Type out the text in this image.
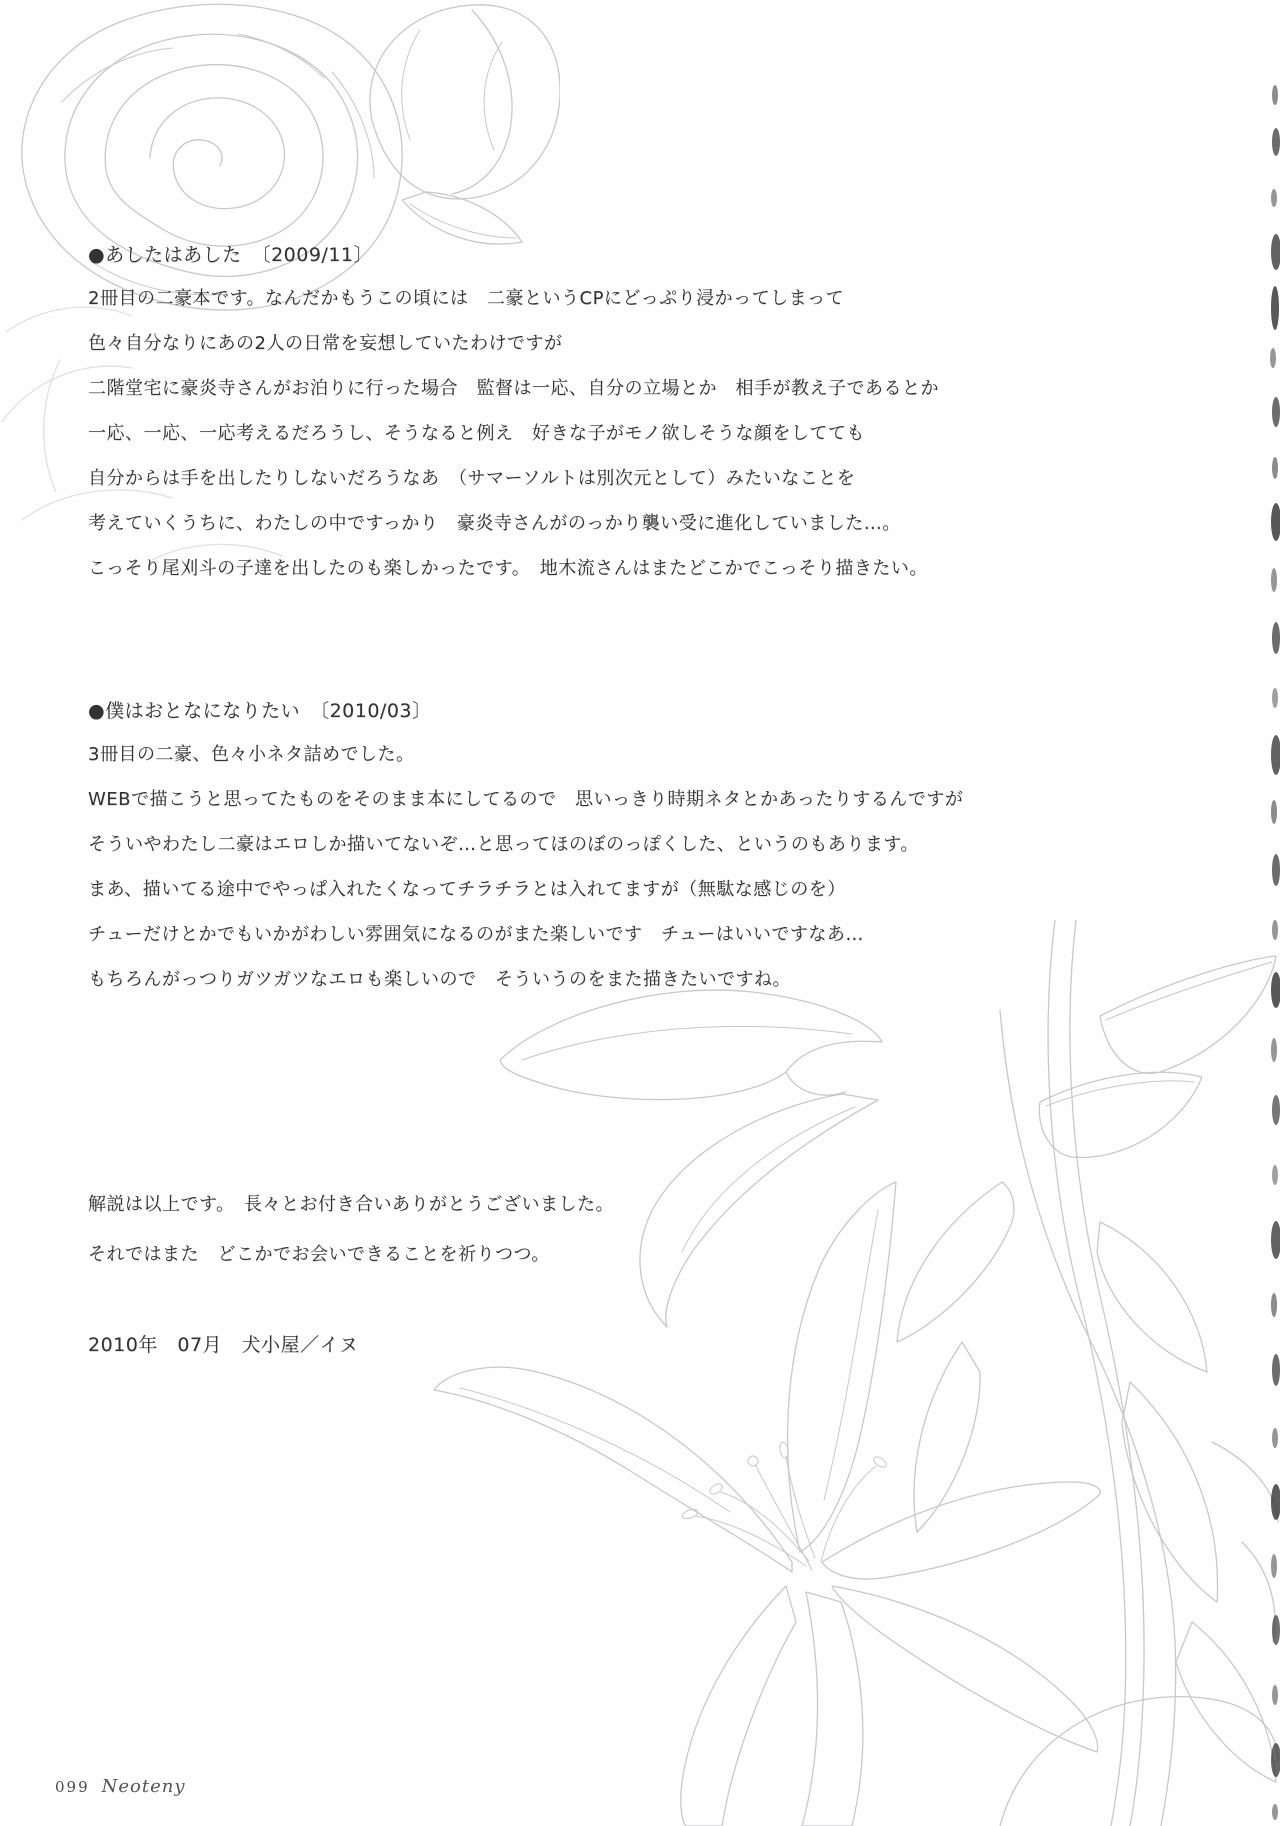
●あしたはあした　〔2009/11〕
2冊目の二豪本です。なんだかもうこの頃には　二豪というCPにどっぷり浸かってしまって
色々自分なりにあの2人の日常を妄想していたわけですが
二階堂宅に豪炎寺さんがお泊りに行った場合　監督は一応、自分の立場とか　相手が教え子であるとか
一応、一応、一応考えるだろうし、そうなると例え　好きな子がモノ欲しそうな顔をしてても
自分からは手を出したりしないだろうなあ　（サマーソルトは別次元として）みたいなことを
考えていくうちに、わたしの中ですっかり　豪炎寺さんがのっかり襲い受に進化していました…。
こっそり尾刈斗の子達を出したのも楽しかったです。　地木流さんはまたどこかでこっそり描きたい。
●僕はおとなになりたい　〔2010/03〕
3冊目の二豪、色々小ネタ詰めでした。
WEBで描こうと思ってたものをそのまま本にしてるので　思いっきり時期ネタとかあったりするんですが
そういやわたし二豪はエロしか描いてないぞ…と思ってほのぼのっぽくした、というのもあります。
まあ、描いてる途中でやっぱ入れたくなってチラチラとは入れてますが（無駄な感じのを）
チューだけとかでもいかがわしい雰囲気になるのがまた楽しいです　チューはいいですなあ…
もちろんがっつりガツガツなエロも楽しいので　そういうのをまた描きたいですね。
解説は以上です。　長々とお付き合いありがとうございました。
それではまた　どこかでお会いできることを祈りつつ。
2010年　07月　犬小屋／イヌ
099 Neoteny
